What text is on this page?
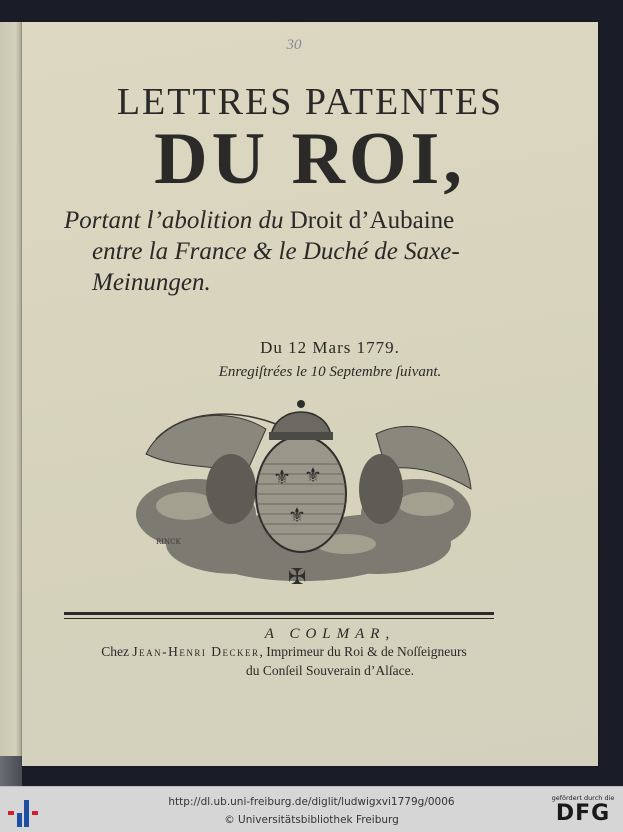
30
LETTRES PATENTES
DU ROI,
Portant l’abolition du Droit d’Aubaine
entre la France & le Duché de Saxe-
Meinungen.
Du 12 Mars 1779.
Enregiſtrées le 10 Septembre ſuivant.
⚜ ⚜
⚜
✠
RINCK
A COLMAR,
Chez Jean-Henri Decker, Imprimeur du Roi & de Noſſeigneurs
du Conſeil Souverain d’Alſace.
http://dl.ub.uni-freiburg.de/diglit/ludwigxvi1779g/0006
© Universitätsbibliothek Freiburg
gefördert durch die
DFG
